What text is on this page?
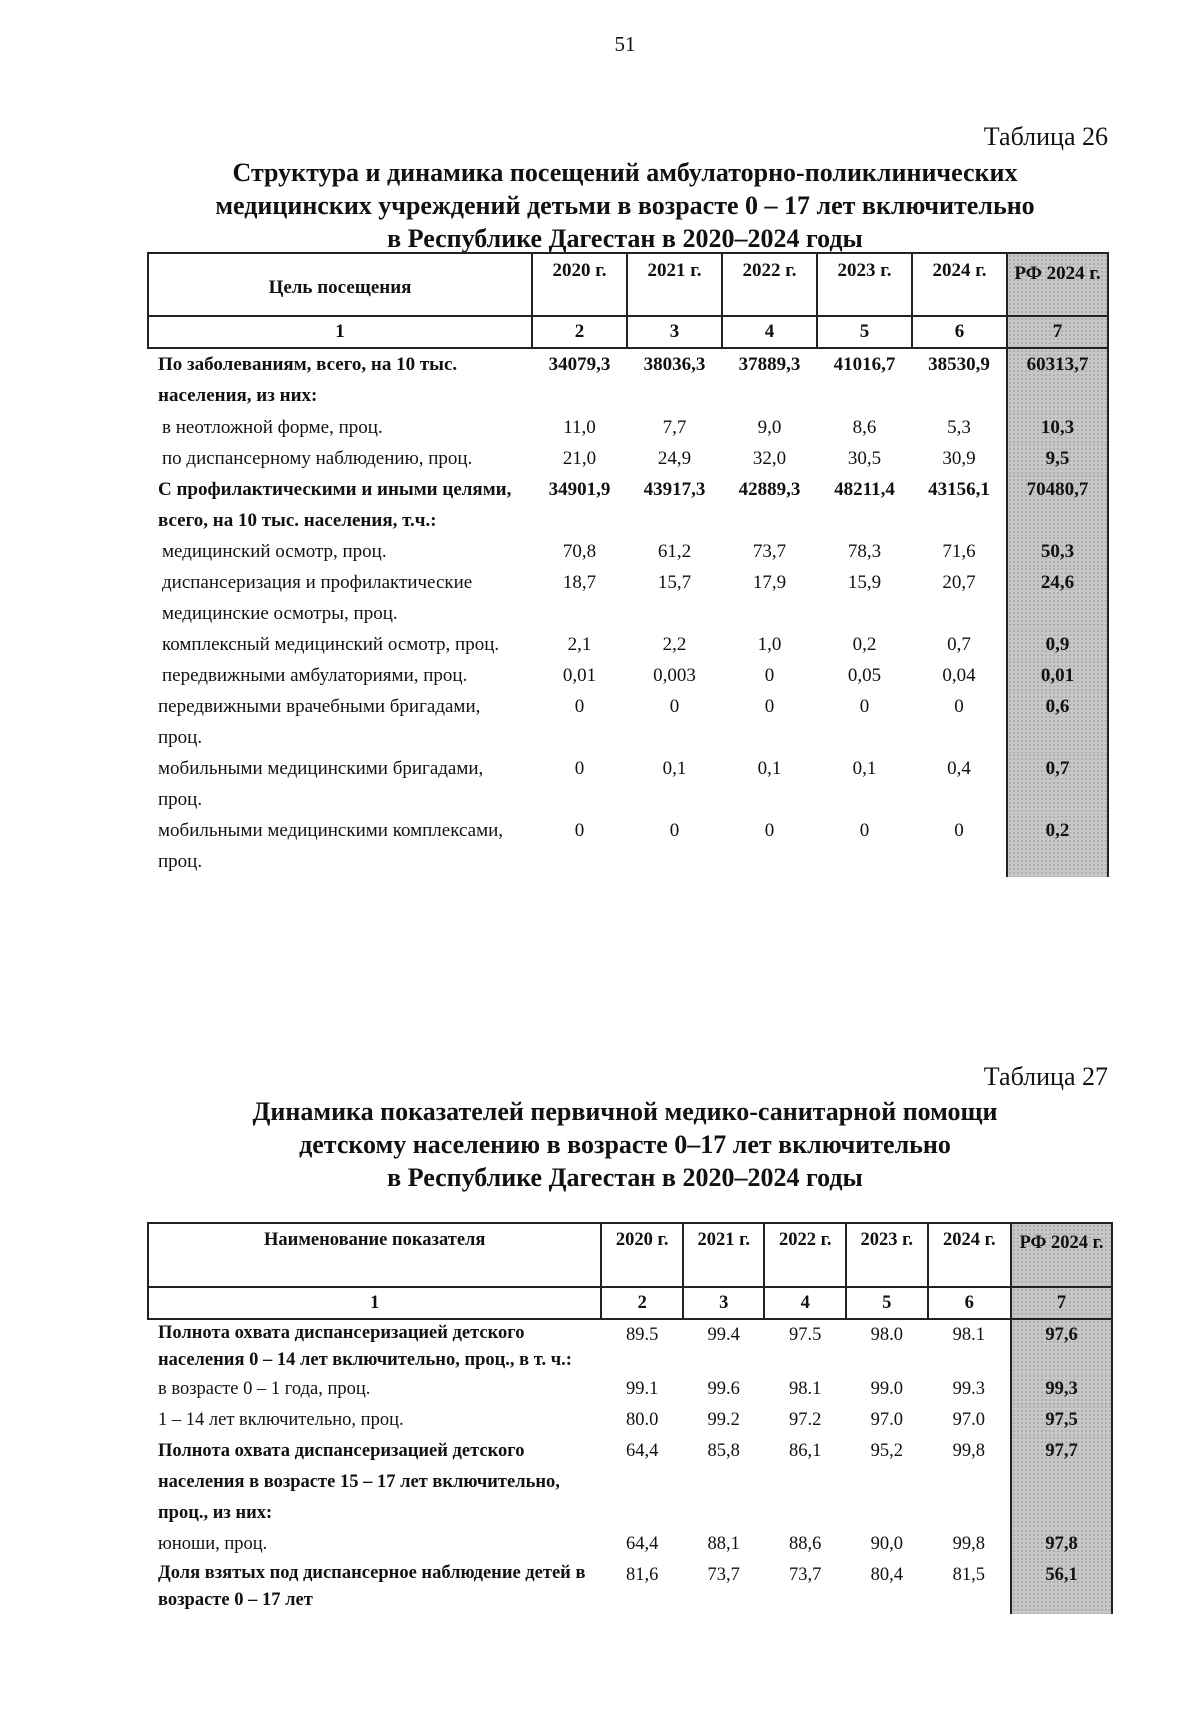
51
Таблица 26
Структура и динамика посещений амбулаторно-поликлинических
медицинских учреждений детьми в возрасте 0 – 17 лет включительно
в Республике Дагестан в 2020–2024 годы
Цель посещения	2020 г.	2021 г.	2022 г.	2023 г.	2024 г.	РФ 2024 г.
1	2	3	4	5	6	7
По заболеваниям, всего, на 10 тыс. населения, из них:	34079,3	38036,3	37889,3	41016,7	38530,9	60313,7
в неотложной форме, проц.	11,0	7,7	9,0	8,6	5,3	10,3
по диспансерному наблюдению, проц.	21,0	24,9	32,0	30,5	30,9	9,5
С профилактическими и иными целями, всего, на 10 тыс. населения, т.ч.:	34901,9	43917,3	42889,3	48211,4	43156,1	70480,7
медицинский осмотр, проц.	70,8	61,2	73,7	78,3	71,6	50,3
диспансеризация и профилактические медицинские осмотры, проц.	18,7	15,7	17,9	15,9	20,7	24,6
комплексный медицинский осмотр, проц.	2,1	2,2	1,0	0,2	0,7	0,9
передвижными амбулаториями, проц.	0,01	0,003	0	0,05	0,04	0,01
передвижными врачебными бригадами, проц.	0	0	0	0	0	0,6
мобильными медицинскими бригадами, проц.	0	0,1	0,1	0,1	0,4	0,7
мобильными медицинскими комплексами, проц.	0	0	0	0	0	0,2
Таблица 27
Динамика показателей первичной медико-санитарной помощи
детскому населению в возрасте 0–17 лет включительно
в Республике Дагестан в 2020–2024 годы
Наименование показателя	2020 г.	2021 г.	2022 г.	2023 г.	2024 г.	РФ 2024 г.
1	2	3	4	5	6	7
Полнота охвата диспансеризацией детского населения 0 – 14 лет включительно, проц., в т. ч.:	89.5	99.4	97.5	98.0	98.1	97,6
в возрасте 0 – 1 года, проц.	99.1	99.6	98.1	99.0	99.3	99,3
1 – 14 лет включительно, проц.	80.0	99.2	97.2	97.0	97.0	97,5
Полнота охвата диспансеризацией детского населения в возрасте 15 – 17 лет включительно, проц., из них:	64,4	85,8	86,1	95,2	99,8	97,7
юноши, проц.	64,4	88,1	88,6	90,0	99,8	97,8
Доля взятых под диспансерное наблюдение детей в возрасте 0 – 17 лет	81,6	73,7	73,7	80,4	81,5	56,1
